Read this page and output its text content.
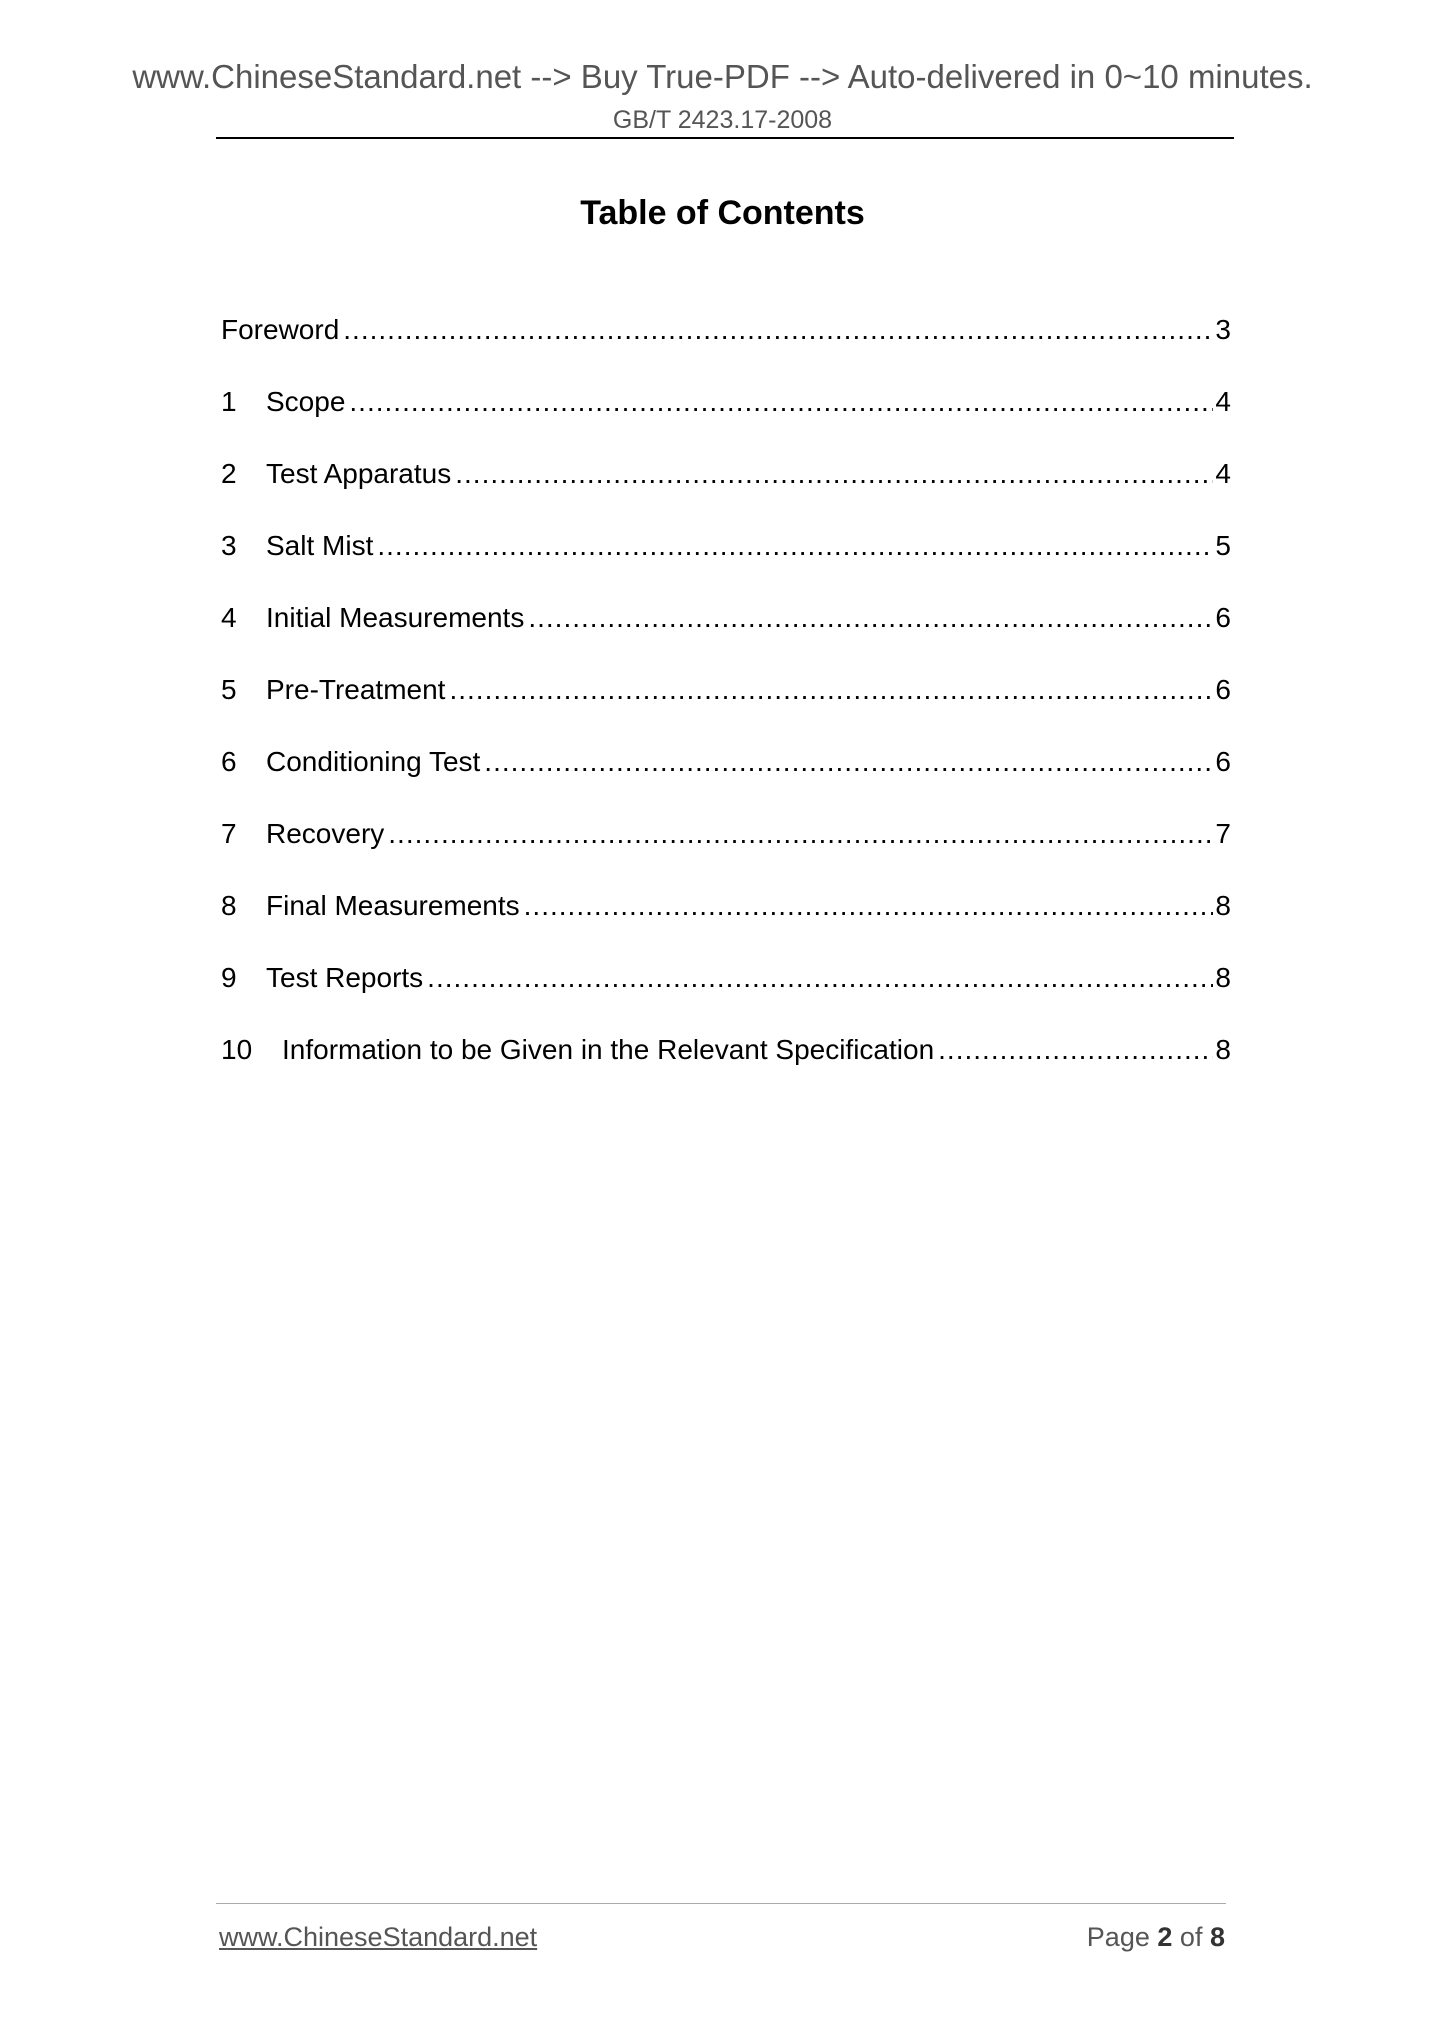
www.ChineseStandard.net --> Buy True-PDF --> Auto-delivered in 0~10 minutes.
GB/T 2423.17-2008
Table of Contents
Foreword .....	3
1	Scope .....	4
2	Test Apparatus .....	4
3	Salt Mist .....	5
4	Initial Measurements .....	6
5	Pre-Treatment .....	6
6	Conditioning Test .....	6
7	Recovery .....	7
8	Final Measurements .....	8
9	Test Reports .....	8
10	Information to be Given in the Relevant Specification .....	8
www.ChineseStandard.net	Page 2 of 8
